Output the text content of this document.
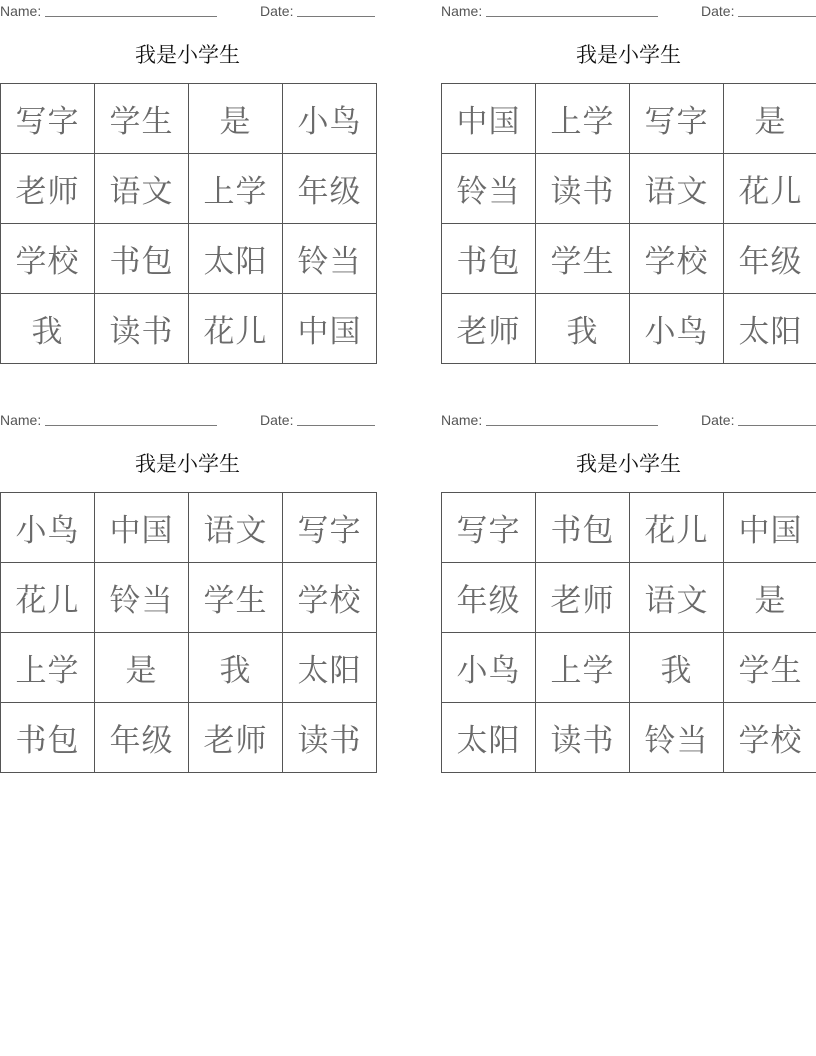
Name:	Date:
我是小学生
写字	学生	是	小鸟
老师	语文	上学	年级
学校	书包	太阳	铃当
我	读书	花儿	中国
Name:	Date:
我是小学生
中国	上学	写字	是
铃当	读书	语文	花儿
书包	学生	学校	年级
老师	我	小鸟	太阳
Name:	Date:
我是小学生
小鸟	中国	语文	写字
花儿	铃当	学生	学校
上学	是	我	太阳
书包	年级	老师	读书
Name:	Date:
我是小学生
写字	书包	花儿	中国
年级	老师	语文	是
小鸟	上学	我	学生
太阳	读书	铃当	学校
